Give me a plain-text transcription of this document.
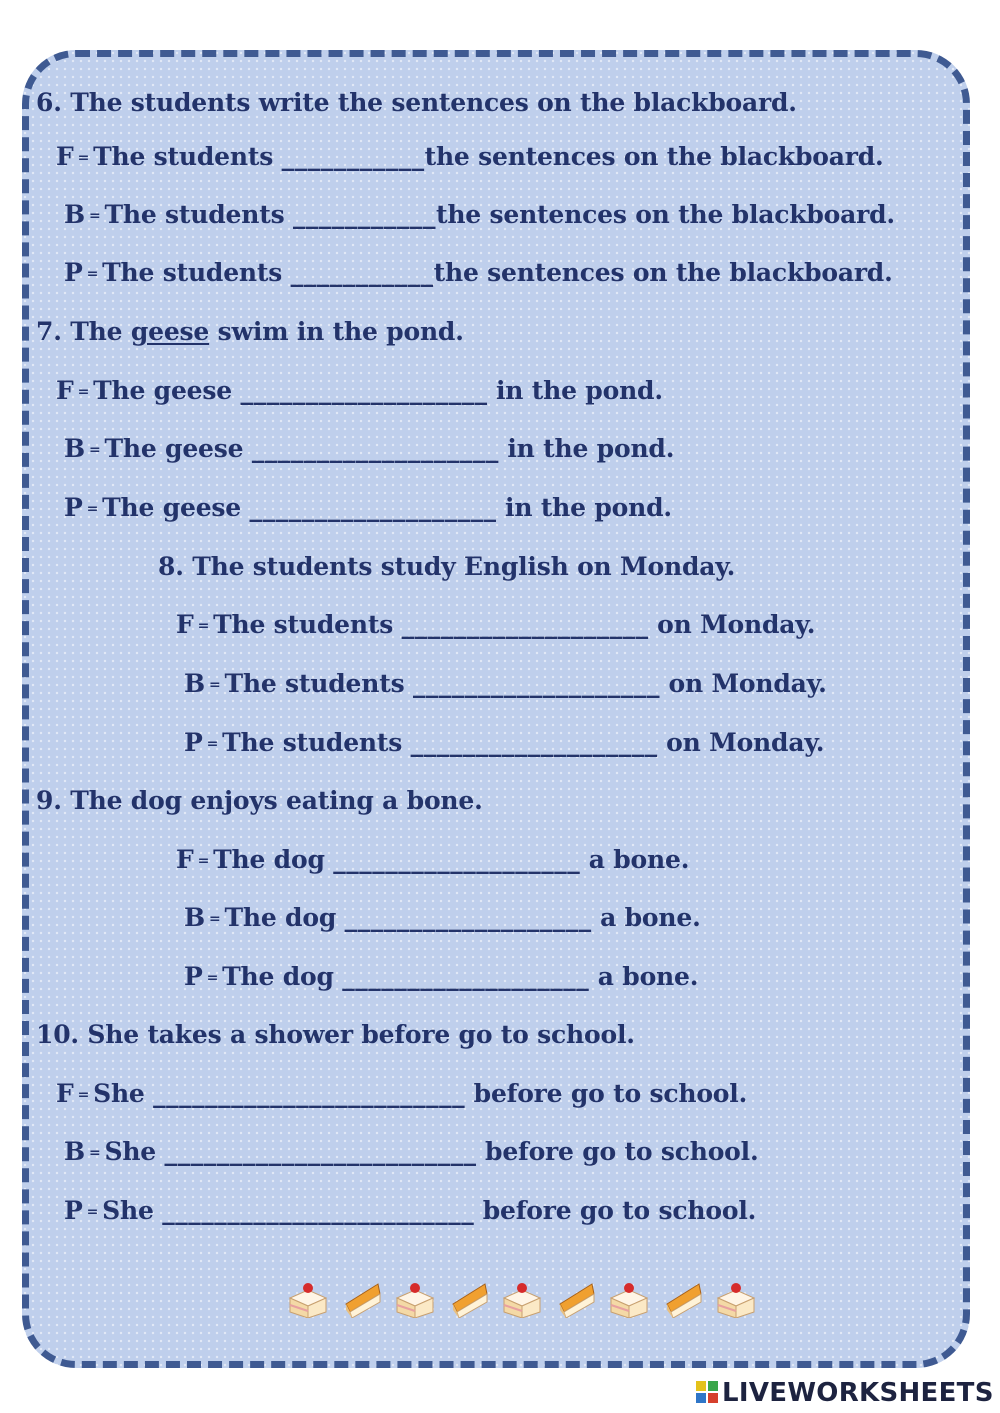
6. The students write the sentences on the blackboard.
F = The students ___________the sentences on the blackboard.
B = The students ___________the sentences on the blackboard.
P = The students ___________the sentences on the blackboard.
7. The geese swim in the pond.
F = The geese ___________________ in the pond.
B = The geese ___________________ in the pond.
P = The geese ___________________ in the pond.
8. The students study English on Monday.
F = The students ___________________ on Monday.
B = The students ___________________ on Monday.
P = The students ___________________ on Monday.
9. The dog enjoys eating a bone.
F = The dog ___________________ a bone.
B = The dog ___________________ a bone.
P = The dog ___________________ a bone.
10. She takes a shower before go to school.
F = She ________________________ before go to school.
B = She ________________________ before go to school.
P = She ________________________ before go to school.
LIVEWORKSHEETS
